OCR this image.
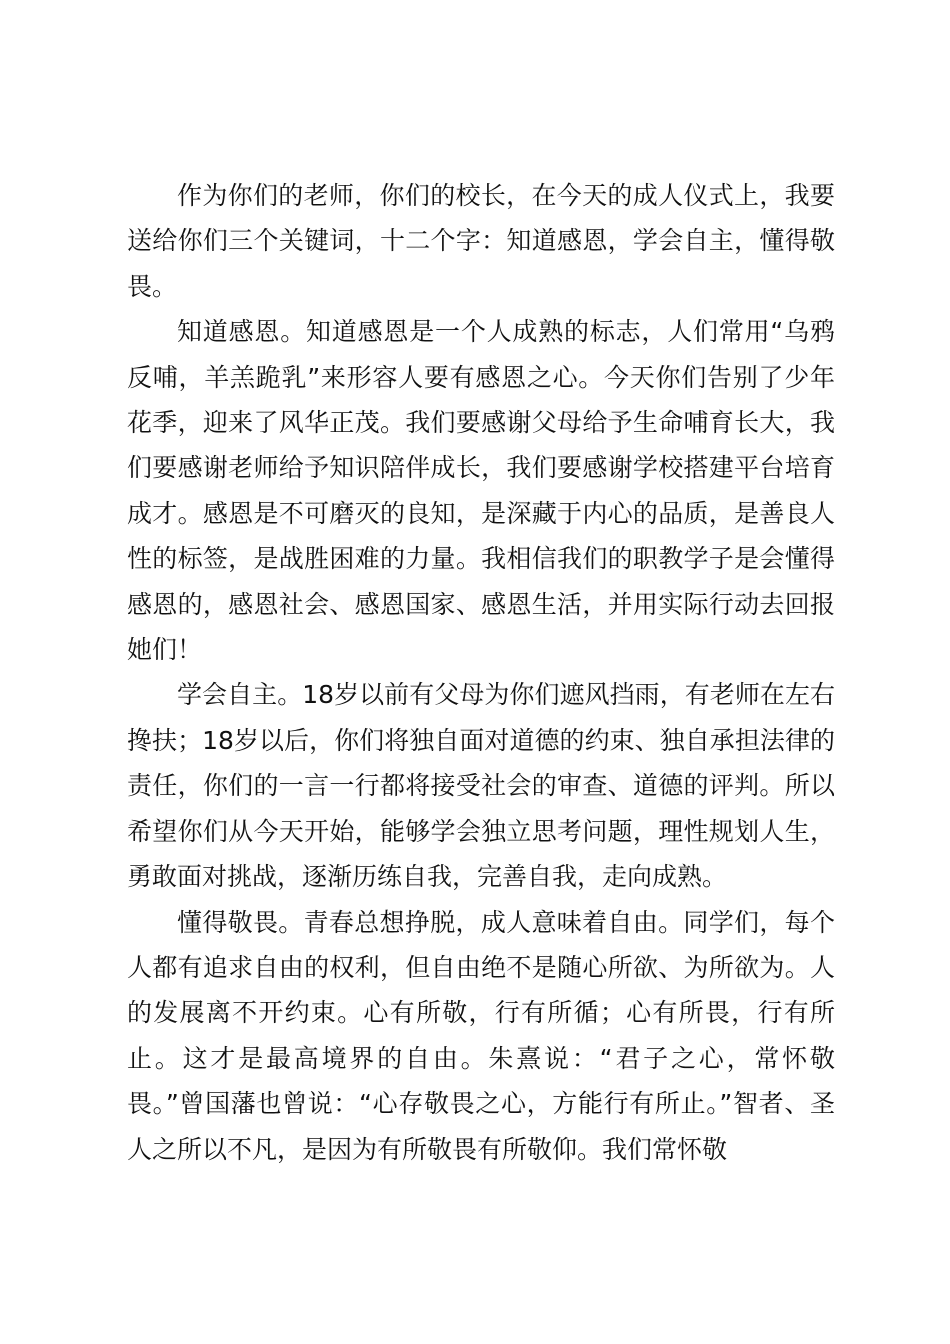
作为你们的老师，你们的校长，在今天的成人仪式上，我要送给你们三个关键词，十二个字：知道感恩，学会自主，懂得敬畏。

知道感恩。知道感恩是一个人成熟的标志，人们常用“乌鸦反哺，羊羔跪乳”来形容人要有感恩之心。今天你们告别了少年花季，迎来了风华正茂。我们要感谢父母给予生命哺育长大，我们要感谢老师给予知识陪伴成长，我们要感谢学校搭建平台培育成才。感恩是不可磨灭的良知，是深藏于内心的品质，是善良人性的标签，是战胜困难的力量。我相信我们的职教学子是会懂得感恩的，感恩社会、感恩国家、感恩生活，并用实际行动去回报她们！

学会自主。18岁以前有父母为你们遮风挡雨，有老师在左右搀扶；18岁以后，你们将独自面对道德的约束、独自承担法律的责任，你们的一言一行都将接受社会的审查、道德的评判。所以希望你们从今天开始，能够学会独立思考问题，理性规划人生，勇敢面对挑战，逐渐历练自我，完善自我，走向成熟。

懂得敬畏。青春总想挣脱，成人意味着自由。同学们，每个人都有追求自由的权利，但自由绝不是随心所欲、为所欲为。人的发展离不开约束。心有所敬，行有所循；心有所畏，行有所止。这才是最高境界的自由。朱熹说：“君子之心，常怀敬畏。”曾国藩也曾说：“心存敬畏之心，方能行有所止。”智者、圣人之所以不凡，是因为有所敬畏有所敬仰。我们常怀敬
